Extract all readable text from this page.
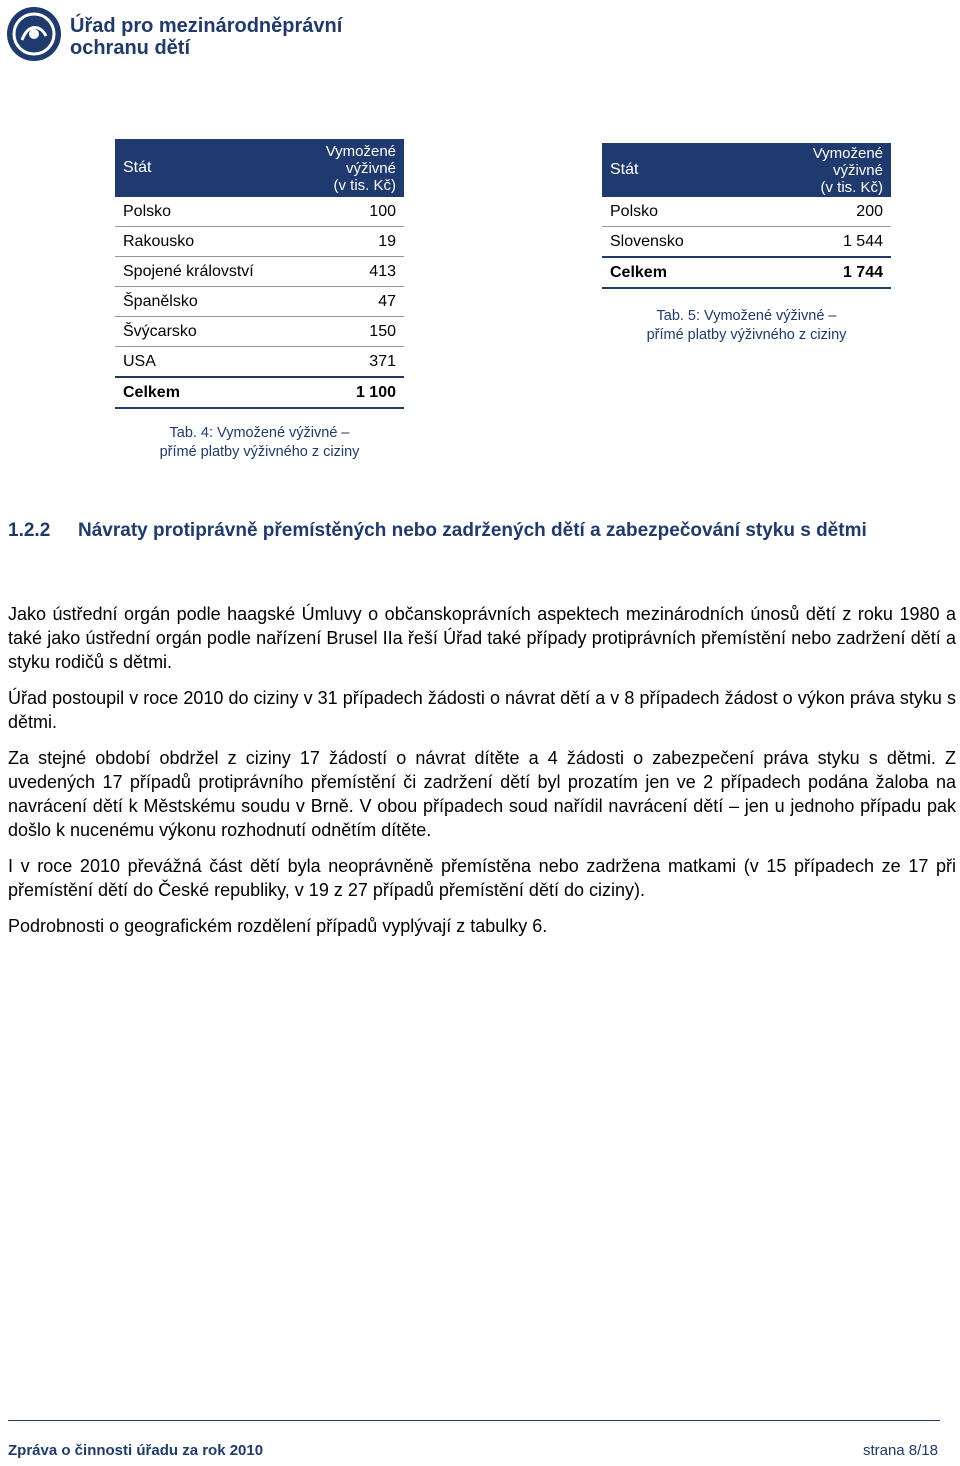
Úřad pro mezinárodněprávní
ochranu dětí
Stát	Vymožené
výživné
(v tis. Kč)

Polsko	100
Rakousko	19
Spojené království	413
Španělsko	47
Švýcarsko	150
USA	371
Celkem	1 100
Tab. 4: Vymožené výživné –
přímé platby výživného z ciziny
Stát	Vymožené
výživné
(v tis. Kč)

Polsko	200
Slovensko	1 544
Celkem	1 744
Tab. 5: Vymožené výživné –
přímé platby výživného z ciziny
1.2.2 Návraty protiprávně přemístěných nebo zadržených dětí a zabezpečování styku s dětmi

Jako ústřední orgán podle haagské Úmluvy o občanskoprávních aspektech mezinárodních únosů dětí z roku 1980 a také jako ústřední orgán podle nařízení Brusel IIa řeší Úřad také případy protiprávních přemístění nebo zadržení dětí a styku rodičů s dětmi.

Úřad postoupil v roce 2010 do ciziny v 31 případech žádosti o návrat dětí a v 8 případech žádost o výkon práva styku s dětmi.

Za stejné období obdržel z ciziny 17 žádostí o návrat dítěte a 4 žádosti o zabezpečení práva styku s dětmi. Z uvedených 17 případů protiprávního přemístění či zadržení dětí byl prozatím jen ve 2 případech podána žaloba na navrácení dětí k Městskému soudu v Brně. V obou případech soud nařídil navrácení dětí – jen u jednoho případu pak došlo k nucenému výkonu rozhodnutí odnětím dítěte.

I v roce 2010 převážná část dětí byla neoprávněně přemístěna nebo zadržena matkami (v 15 případech ze 17 při přemístění dětí do České republiky, v 19 z 27 případů přemístění dětí do ciziny).

Podrobnosti o geografickém rozdělení případů vyplývají z tabulky 6.

Zpráva o činnosti úřadu za rok 2010	strana 8/18
